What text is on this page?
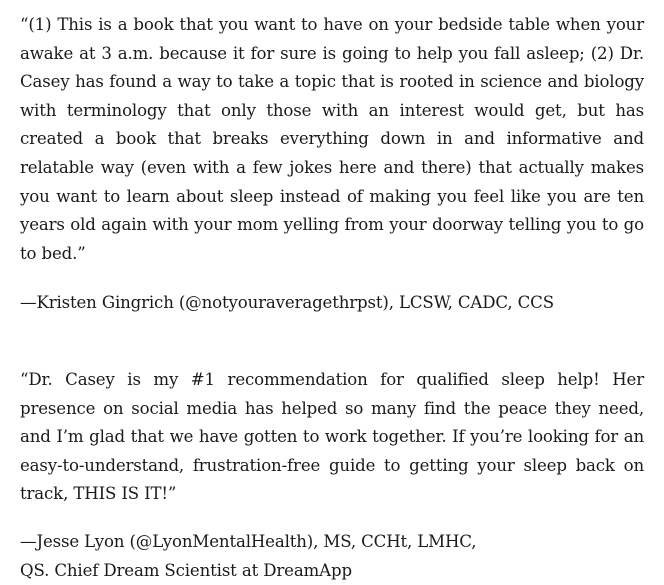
“(1) This is a book that you want to have on your bedside table when your awake at 3 a.m. because it for sure is going to help you fall asleep; (2) Dr. Casey has found a way to take a topic that is rooted in science and biology with terminology that only those with an interest would get, but has created a book that breaks everything down in and informative and relatable way (even with a few jokes here and there) that actually makes you want to learn about sleep instead of making you feel like you are ten years old again with your mom yelling from your doorway telling you to go to bed.”

—Kristen Gingrich (@notyouraveragethrpst), LCSW, CADC, CCS

“Dr. Casey is my #1 recommendation for qualified sleep help! Her presence on social media has helped so many find the peace they need, and I’m glad that we have gotten to work together. If you’re looking for an easy-to-understand, frustration-free guide to getting your sleep back on track, THIS IS IT!”

—Jesse Lyon (@LyonMentalHealth), MS, CCHt, LMHC,
QS. Chief Dream Scientist at DreamApp
